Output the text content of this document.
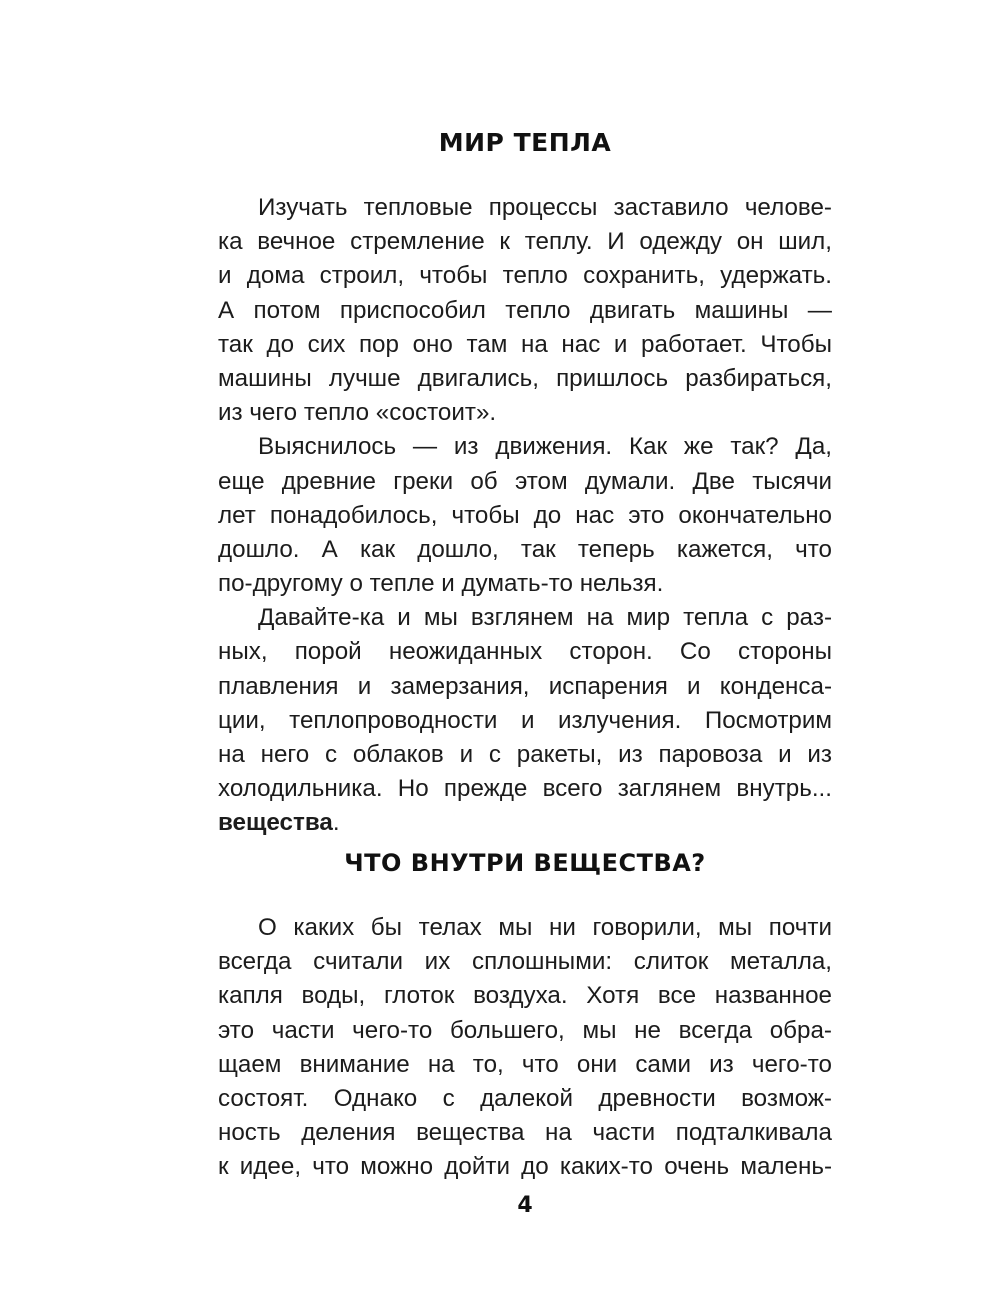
МИР ТЕПЛА
Изучать тепловые процессы заставило челове-
ка вечное стремление к теплу. И одежду он шил,
и дома строил, чтобы тепло сохранить, удержать.
А потом приспособил тепло двигать машины —
так до сих пор оно там на нас и работает. Чтобы
машины лучше двигались, пришлось разбираться,
из чего тепло «состоит».
Выяснилось — из движения. Как же так? Да,
еще древние греки об этом думали. Две тысячи
лет понадобилось, чтобы до нас это окончательно
дошло. А как дошло, так теперь кажется, что
по-другому о тепле и думать-то нельзя.
Давайте-ка и мы взглянем на мир тепла с раз-
ных, порой неожиданных сторон. Со стороны
плавления и замерзания, испарения и конденса-
ции, теплопроводности и излучения. Посмотрим
на него с облаков и с ракеты, из паровоза и из
холодильника. Но прежде всего заглянем внутрь...
вещества.
ЧТО ВНУТРИ ВЕЩЕСТВА?
О каких бы телах мы ни говорили, мы почти
всегда считали их сплошными: слиток металла,
капля воды, глоток воздуха. Хотя все названное
это части чего-то большего, мы не всегда обра-
щаем внимание на то, что они сами из чего-то
состоят. Однако с далекой древности возмож-
ность деления вещества на части подталкивала
к идее, что можно дойти до каких-то очень малень-
4
